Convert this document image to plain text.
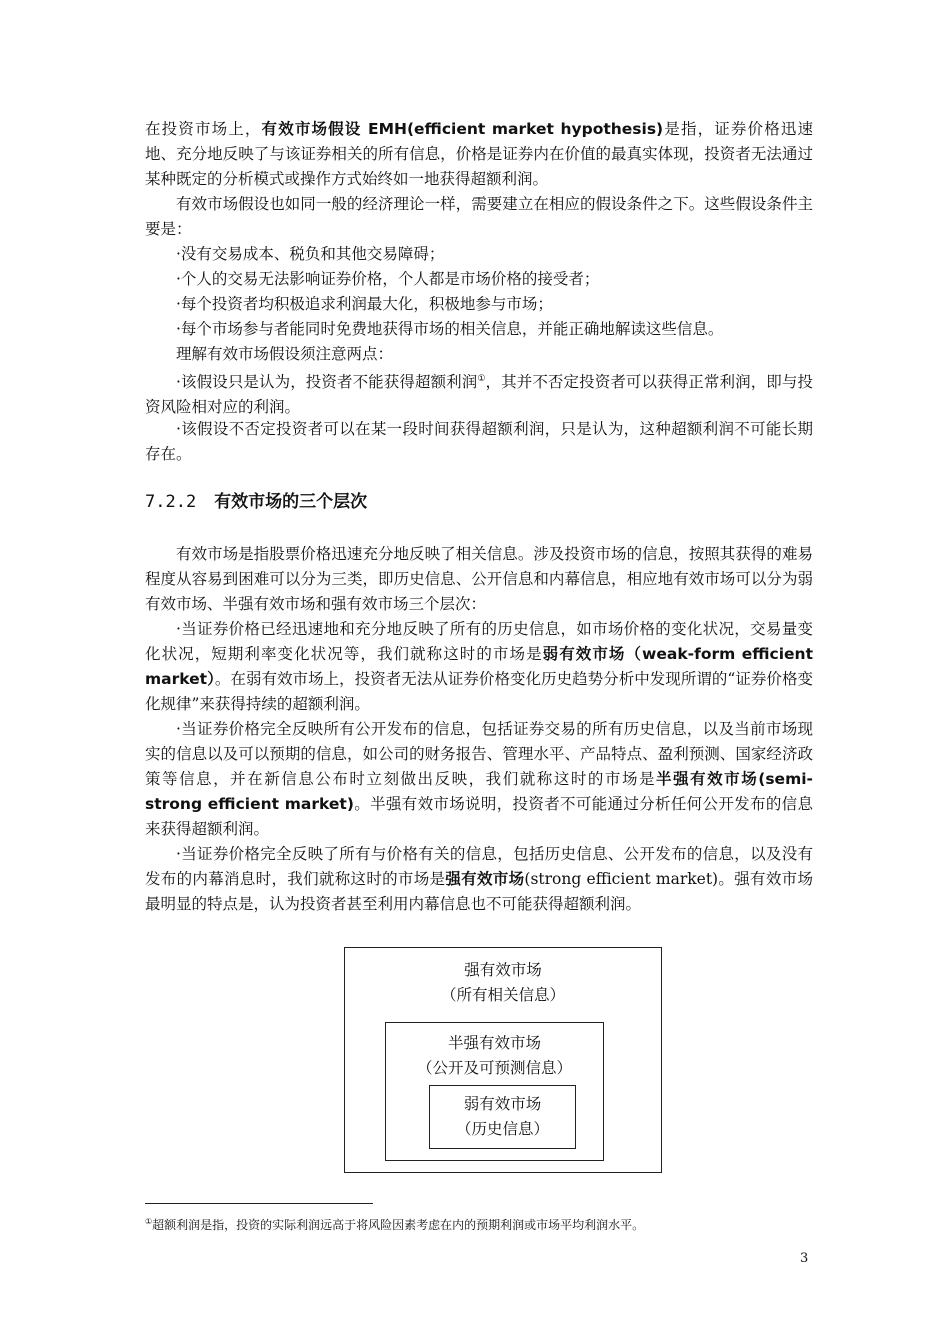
在投资市场上，有效市场假设 EMH(efficient market hypothesis)是指，证券价格迅速地、充分地反映了与该证券相关的所有信息，价格是证券内在价值的最真实体现，投资者无法通过某种既定的分析模式或操作方式始终如一地获得超额利润。

有效市场假设也如同一般的经济理论一样，需要建立在相应的假设条件之下。这些假设条件主要是：

·没有交易成本、税负和其他交易障碍；

·个人的交易无法影响证券价格，个人都是市场价格的接受者；

·每个投资者均积极追求利润最大化，积极地参与市场；

·每个市场参与者能同时免费地获得市场的相关信息，并能正确地解读这些信息。

理解有效市场假设须注意两点：

·该假设只是认为，投资者不能获得超额利润①，其并不否定投资者可以获得正常利润，即与投资风险相对应的利润。

·该假设不否定投资者可以在某一段时间获得超额利润，只是认为，这种超额利润不可能长期存在。

7.2.2 有效市场的三个层次

有效市场是指股票价格迅速充分地反映了相关信息。涉及投资市场的信息，按照其获得的难易程度从容易到困难可以分为三类，即历史信息、公开信息和内幕信息，相应地有效市场可以分为弱有效市场、半强有效市场和强有效市场三个层次：

·当证券价格已经迅速地和充分地反映了所有的历史信息，如市场价格的变化状况，交易量变化状况，短期利率变化状况等，我们就称这时的市场是弱有效市场（weak-form efficient market）。在弱有效市场上，投资者无法从证券价格变化历史趋势分析中发现所谓的“证券价格变化规律”来获得持续的超额利润。

·当证券价格完全反映所有公开发布的信息，包括证券交易的所有历史信息，以及当前市场现实的信息以及可以预期的信息，如公司的财务报告、管理水平、产品特点、盈利预测、国家经济政策等信息，并在新信息公布时立刻做出反映，我们就称这时的市场是半强有效市场(semi-strong efficient market)。半强有效市场说明，投资者不可能通过分析任何公开发布的信息来获得超额利润。

·当证券价格完全反映了所有与价格有关的信息，包括历史信息、公开发布的信息，以及没有发布的内幕消息时，我们就称这时的市场是强有效市场(strong efficient market)。强有效市场最明显的特点是，认为投资者甚至利用内幕信息也不可能获得超额利润。

强有效市场
（所有相关信息）
半强有效市场
（公开及可预测信息）
弱有效市场
（历史信息）
①超额利润是指，投资的实际利润远高于将风险因素考虑在内的预期利润或市场平均利润水平。
3
